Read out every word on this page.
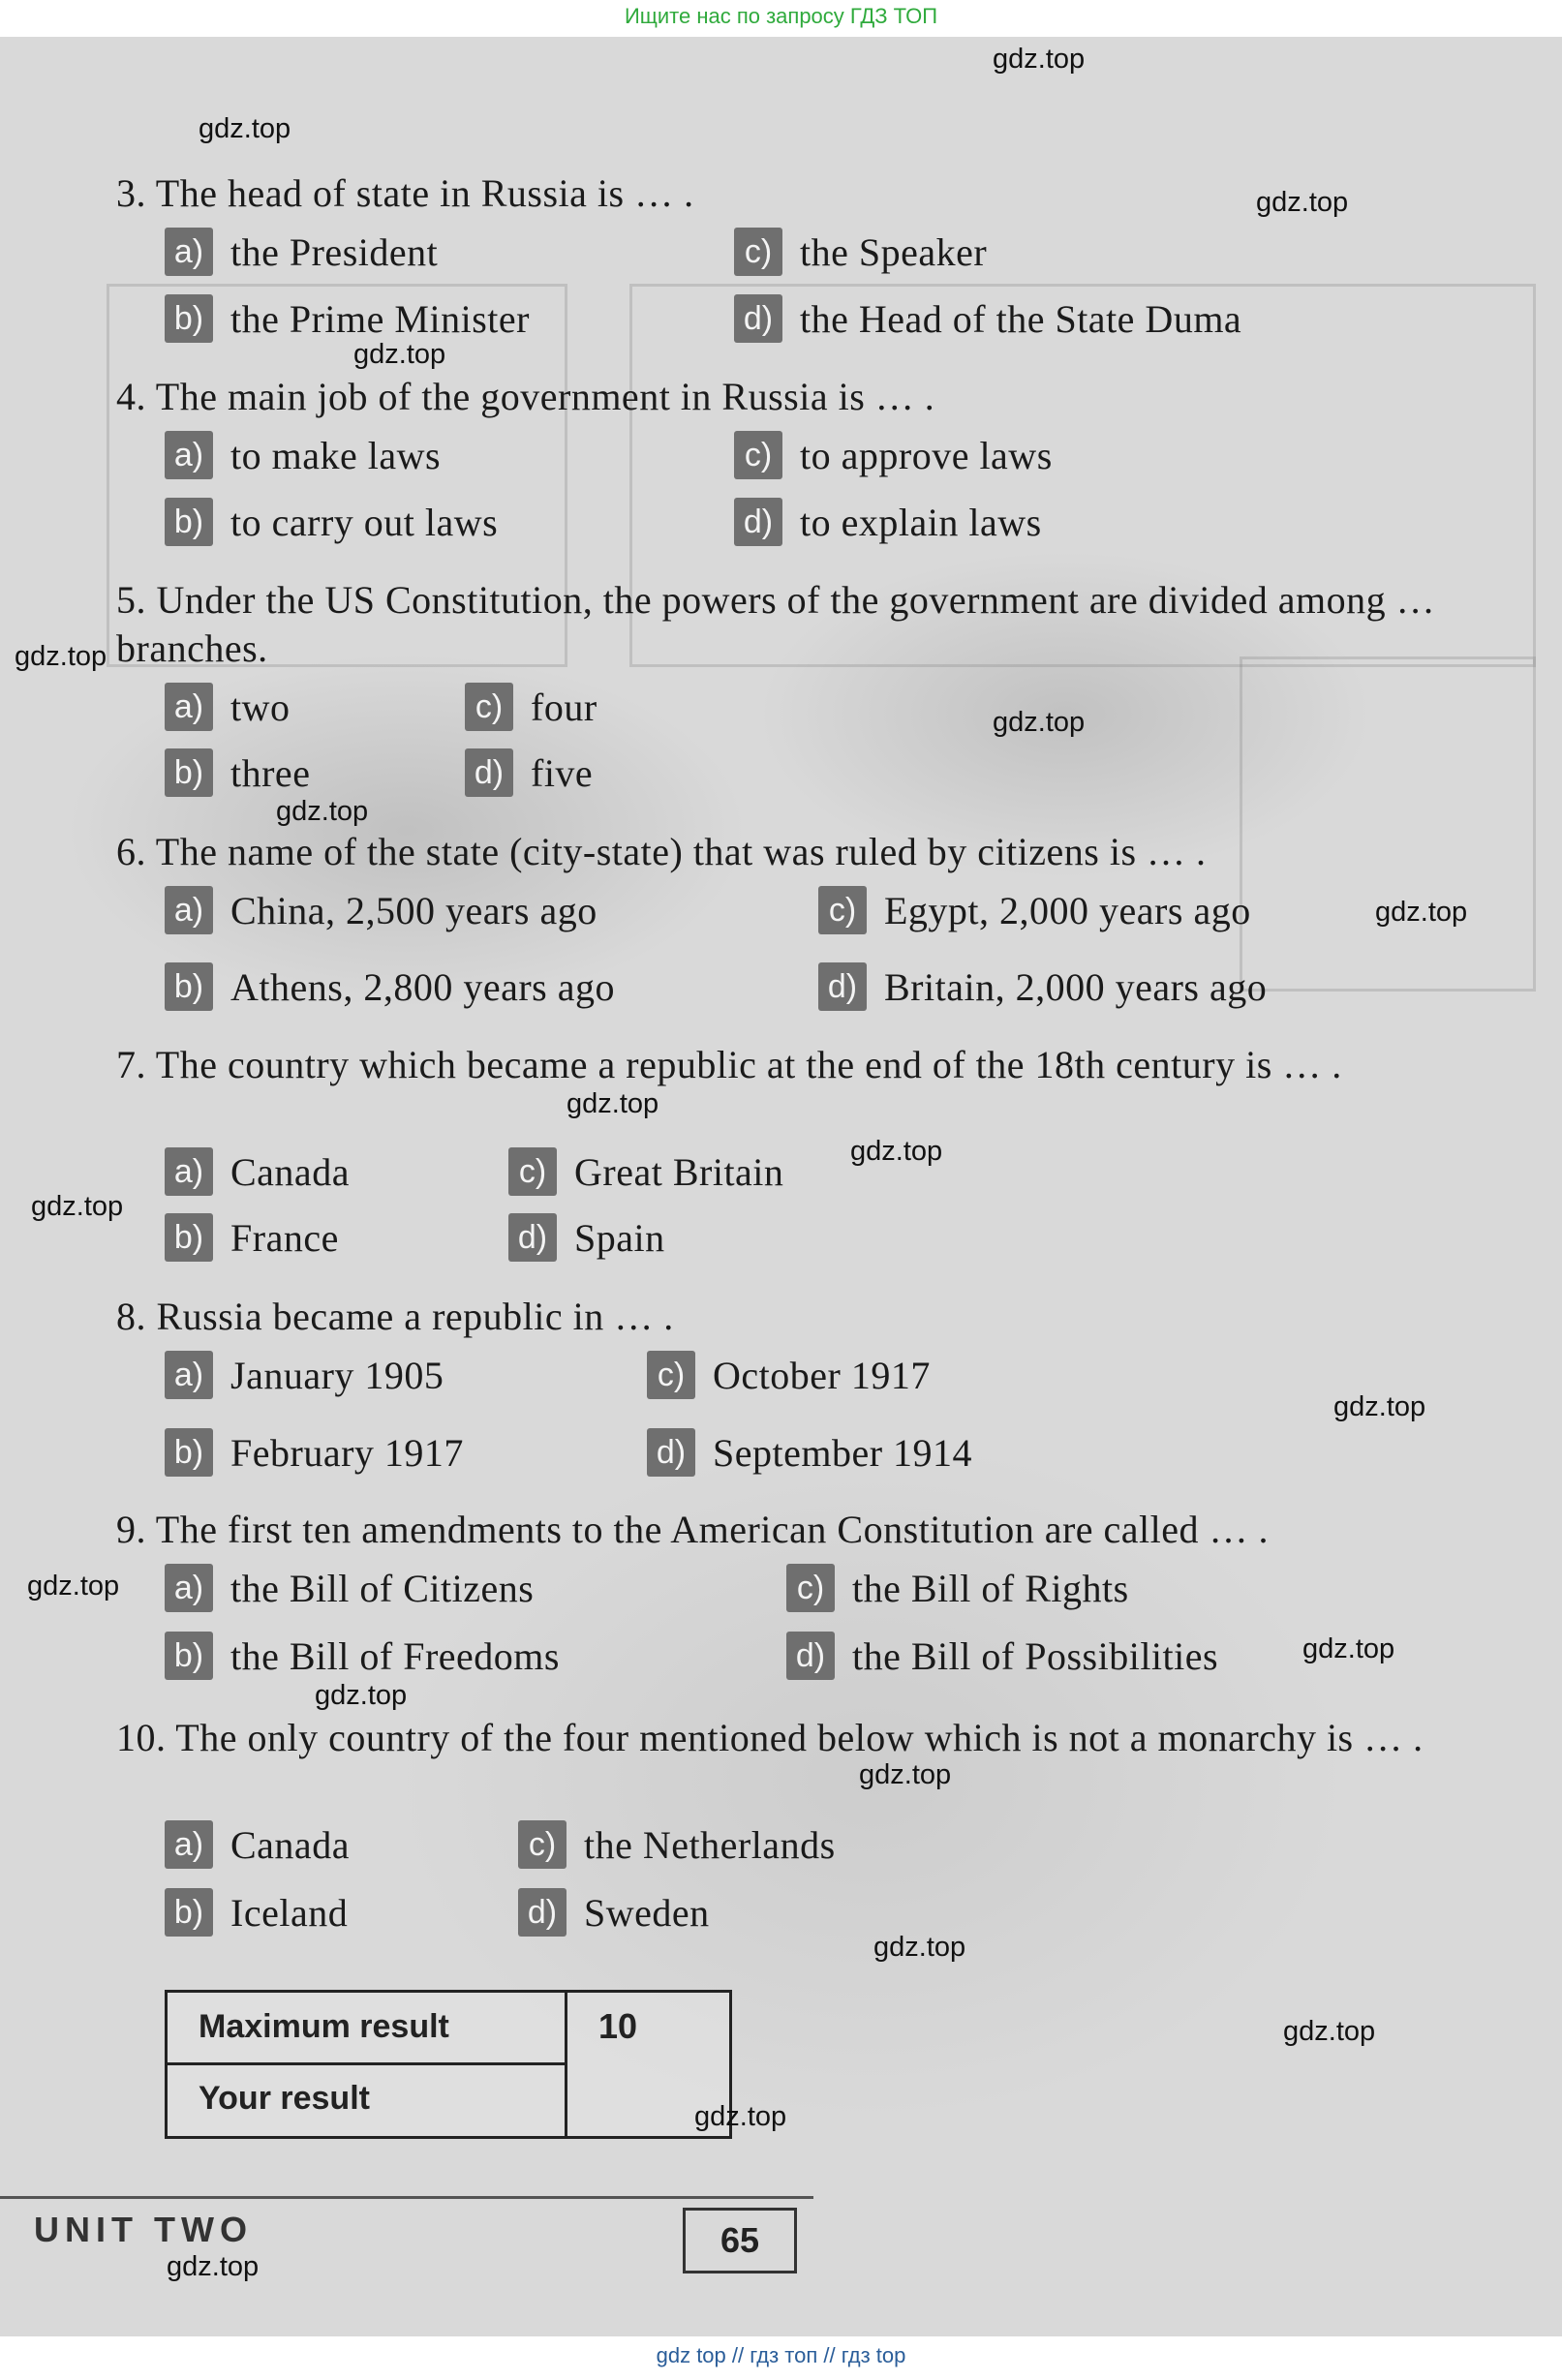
Ищите нас по запросу ГДЗ ТОП
3. The head of state in Russia is … .
a) the President
b) the Prime Minister
c) the Speaker
d) the Head of the State Duma
4. The main job of the government in Russia is … .
a) to make laws
b) to carry out laws
c) to approve laws
d) to explain laws
5. Under the US Constitution, the powers of the government are divided among … branches.
a) two
b) three
c) four
d) five
6. The name of the state (city-state) that was ruled by citizens is … .
a) China, 2,500 years ago
b) Athens, 2,800 years ago
c) Egypt, 2,000 years ago
d) Britain, 2,000 years ago
7. The country which became a republic at the end of the 18th century is … .
a) Canada
b) France
c) Great Britain
d) Spain
8. Russia became a republic in … .
a) January 1905
b) February 1917
c) October 1917
d) September 1914
9. The first ten amendments to the American Constitution are called … .
a) the Bill of Citizens
b) the Bill of Freedoms
c) the Bill of Rights
d) the Bill of Possibilities
10. The only country of the four mentioned below which is not a monarchy is … .
a) Canada
b) Iceland
c) the Netherlands
d) Sweden
Maximum result	10
Your result
UNIT TWO	65
gdz.top
gdz.top
gdz.top
gdz.top
gdz.top
gdz.top
gdz.top
gdz.top
gdz.top
gdz.top
gdz.top
gdz.top
gdz.top
gdz.top
gdz.top
gdz.top
gdz.top
gdz.top
gdz.top
gdz.top
gdz top // гдз топ // гдз top
